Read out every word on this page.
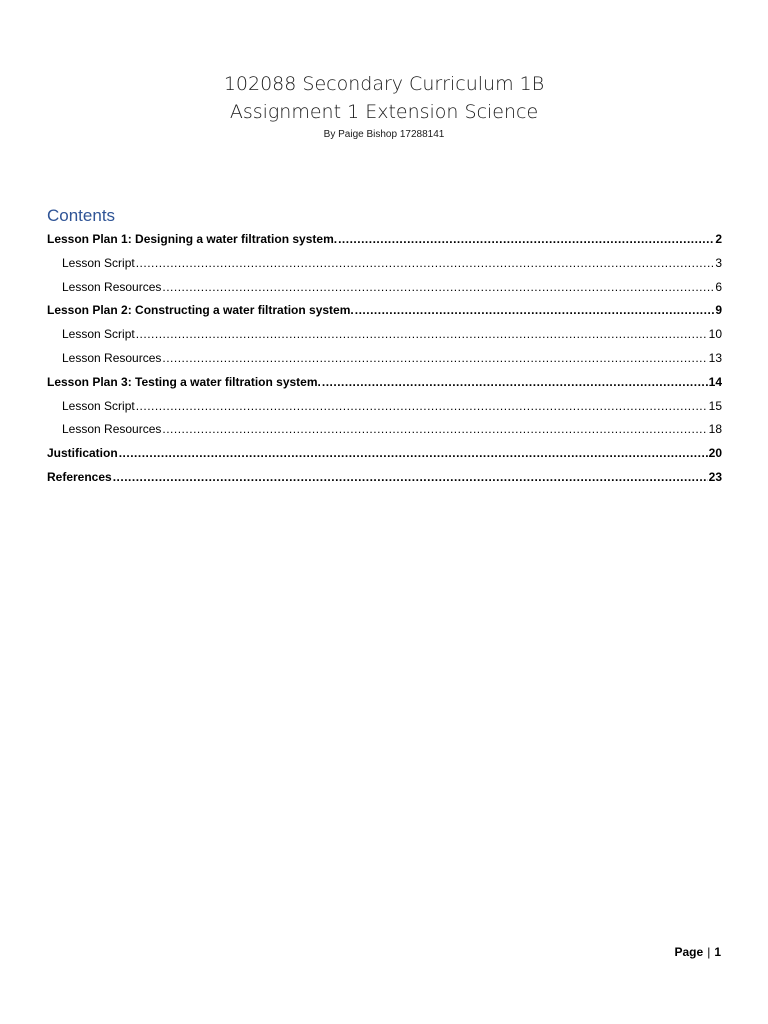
102088 Secondary Curriculum 1B
Assignment 1 Extension Science
By Paige Bishop 17288141
Contents
Lesson Plan 1: Designing a water filtration system. .....	2
Lesson Script .....	3
Lesson Resources .....	6
Lesson Plan 2: Constructing a water filtration system. .....	9
Lesson Script .....	10
Lesson Resources .....	13
Lesson Plan 3: Testing a water filtration system. .....	14
Lesson Script .....	15
Lesson Resources .....	18
Justification .....	20
References .....	23
Page | 1
